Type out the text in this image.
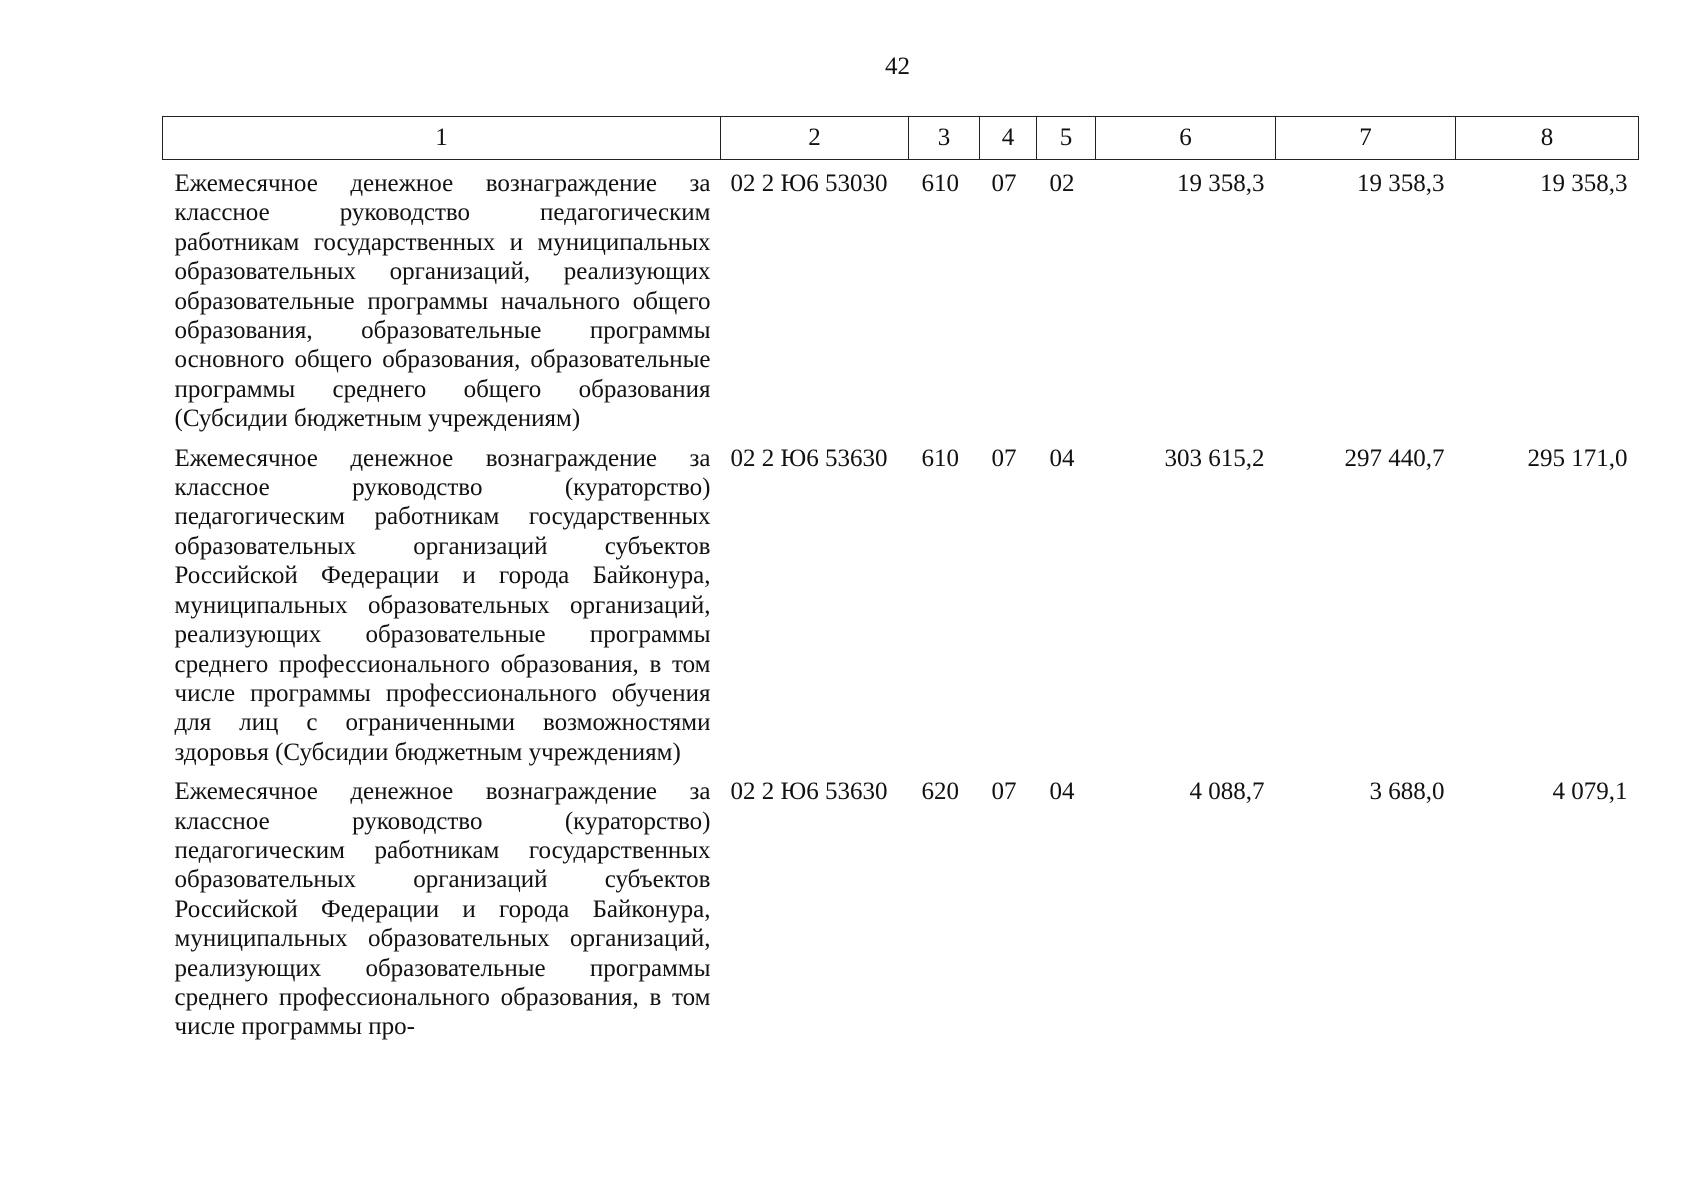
42
1	2	3	4	5	6	7	8
Ежемесячное денежное вознаграждение за классное руководство педагогическим работникам государственных и муниципальных образовательных организаций, реализующих образовательные программы начального общего образования, образовательные программы основного общего образования, образовательные программы среднего общего образования (Субсидии бюджетным учреждениям)	02 2 Ю6 53030	610	07	02	19 358,3	19 358,3	19 358,3
Ежемесячное денежное вознаграждение за классное руководство (кураторство) педагогическим работникам государственных образовательных организаций субъектов Российской Федерации и города Байконура, муниципальных образовательных организаций, реализующих образовательные программы среднего профессионального образования, в том числе программы профессионального обучения для лиц с ограниченными возможностями здоровья (Субсидии бюджетным учреждениям)	02 2 Ю6 53630	610	07	04	303 615,2	297 440,7	295 171,0
Ежемесячное денежное вознаграждение за классное руководство (кураторство) педагогическим работникам государственных образовательных организаций субъектов Российской Федерации и города Байконура, муниципальных образовательных организаций, реализующих образовательные программы среднего профессионального образования, в том числе программы про-	02 2 Ю6 53630	620	07	04	4 088,7	3 688,0	4 079,1
